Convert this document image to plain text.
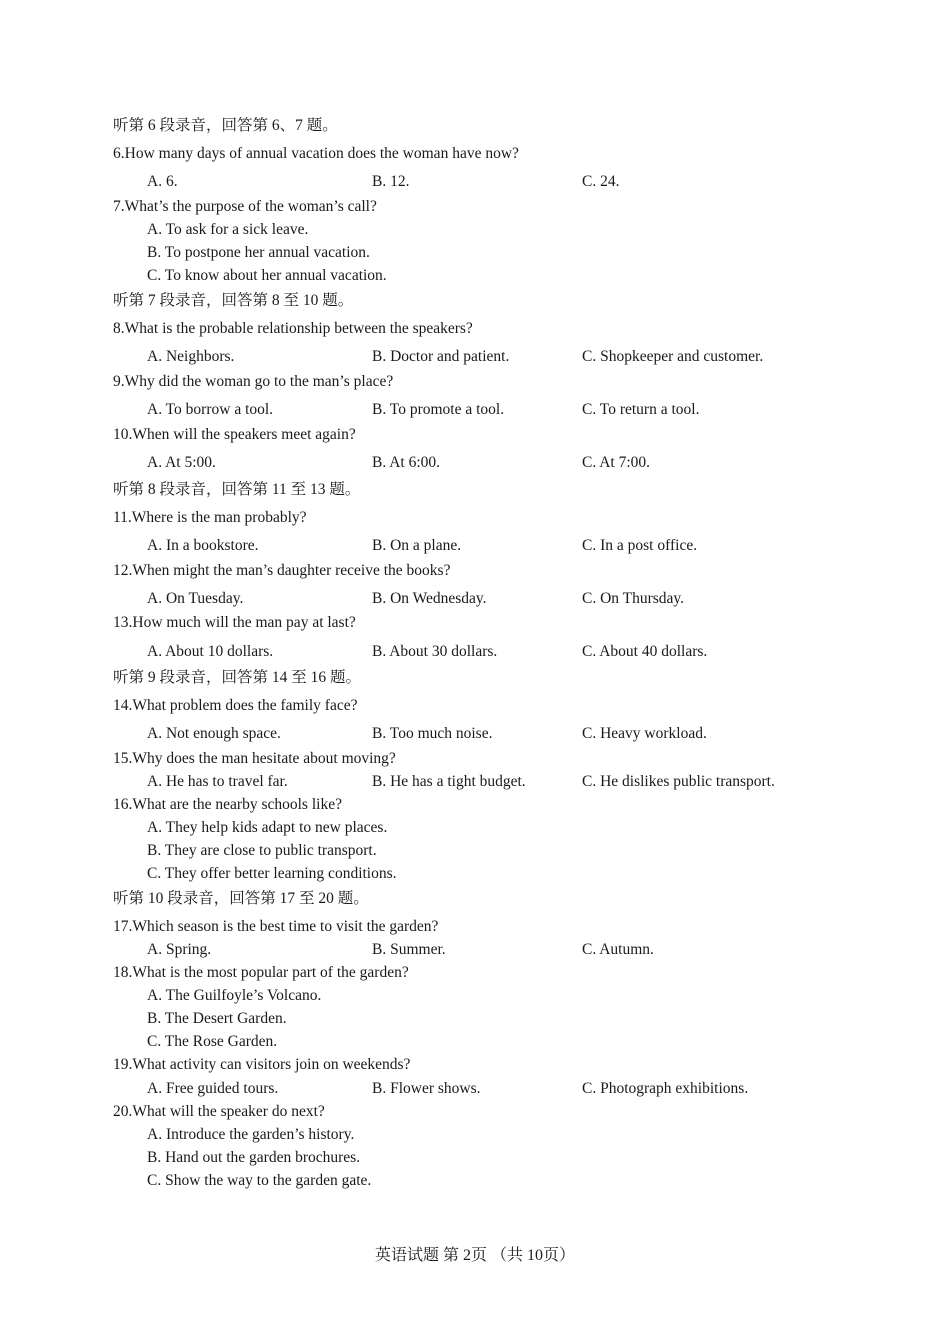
听第 6 段录音，回答第 6、7 题。
6.How many days of annual vacation does the woman have now?
A. 6.	B. 12.	C. 24.
7.What’s the purpose of the woman’s call?
A. To ask for a sick leave.
B. To postpone her annual vacation.
C. To know about her annual vacation.
听第 7 段录音，回答第 8 至 10 题。
8.What is the probable relationship between the speakers?
A. Neighbors.	B. Doctor and patient.	C. Shopkeeper and customer.
9.Why did the woman go to the man’s place?
A. To borrow a tool.	B. To promote a tool.	C. To return a tool.
10.When will the speakers meet again?
A. At 5:00.	B. At 6:00.	C. At 7:00.
听第 8 段录音，回答第 11 至 13 题。
11.Where is the man probably?
A. In a bookstore.	B. On a plane.	C. In a post office.
12.When might the man’s daughter receive the books?
A. On Tuesday.	B. On Wednesday.	C. On Thursday.
13.How much will the man pay at last?
A. About 10 dollars.	B. About 30 dollars.	C. About 40 dollars.
听第 9 段录音，回答第 14 至 16 题。
14.What problem does the family face?
A. Not enough space.	B. Too much noise.	C. Heavy workload.
15.Why does the man hesitate about moving?
A. He has to travel far.	B. He has a tight budget.	C. He dislikes public transport.
16.What are the nearby schools like?
A. They help kids adapt to new places.
B. They are close to public transport.
C. They offer better learning conditions.
听第 10 段录音，回答第 17 至 20 题。
17.Which season is the best time to visit the garden?
A. Spring.	B. Summer.	C. Autumn.
18.What is the most popular part of the garden?
A. The Guilfoyle’s Volcano.
B. The Desert Garden.
C. The Rose Garden.
19.What activity can visitors join on weekends?
A. Free guided tours.	B. Flower shows.	C. Photograph exhibitions.
20.What will the speaker do next?
A. Introduce the garden’s history.
B. Hand out the garden brochures.
C. Show the way to the garden gate.
英语试题 第 2页 （共 10页）
